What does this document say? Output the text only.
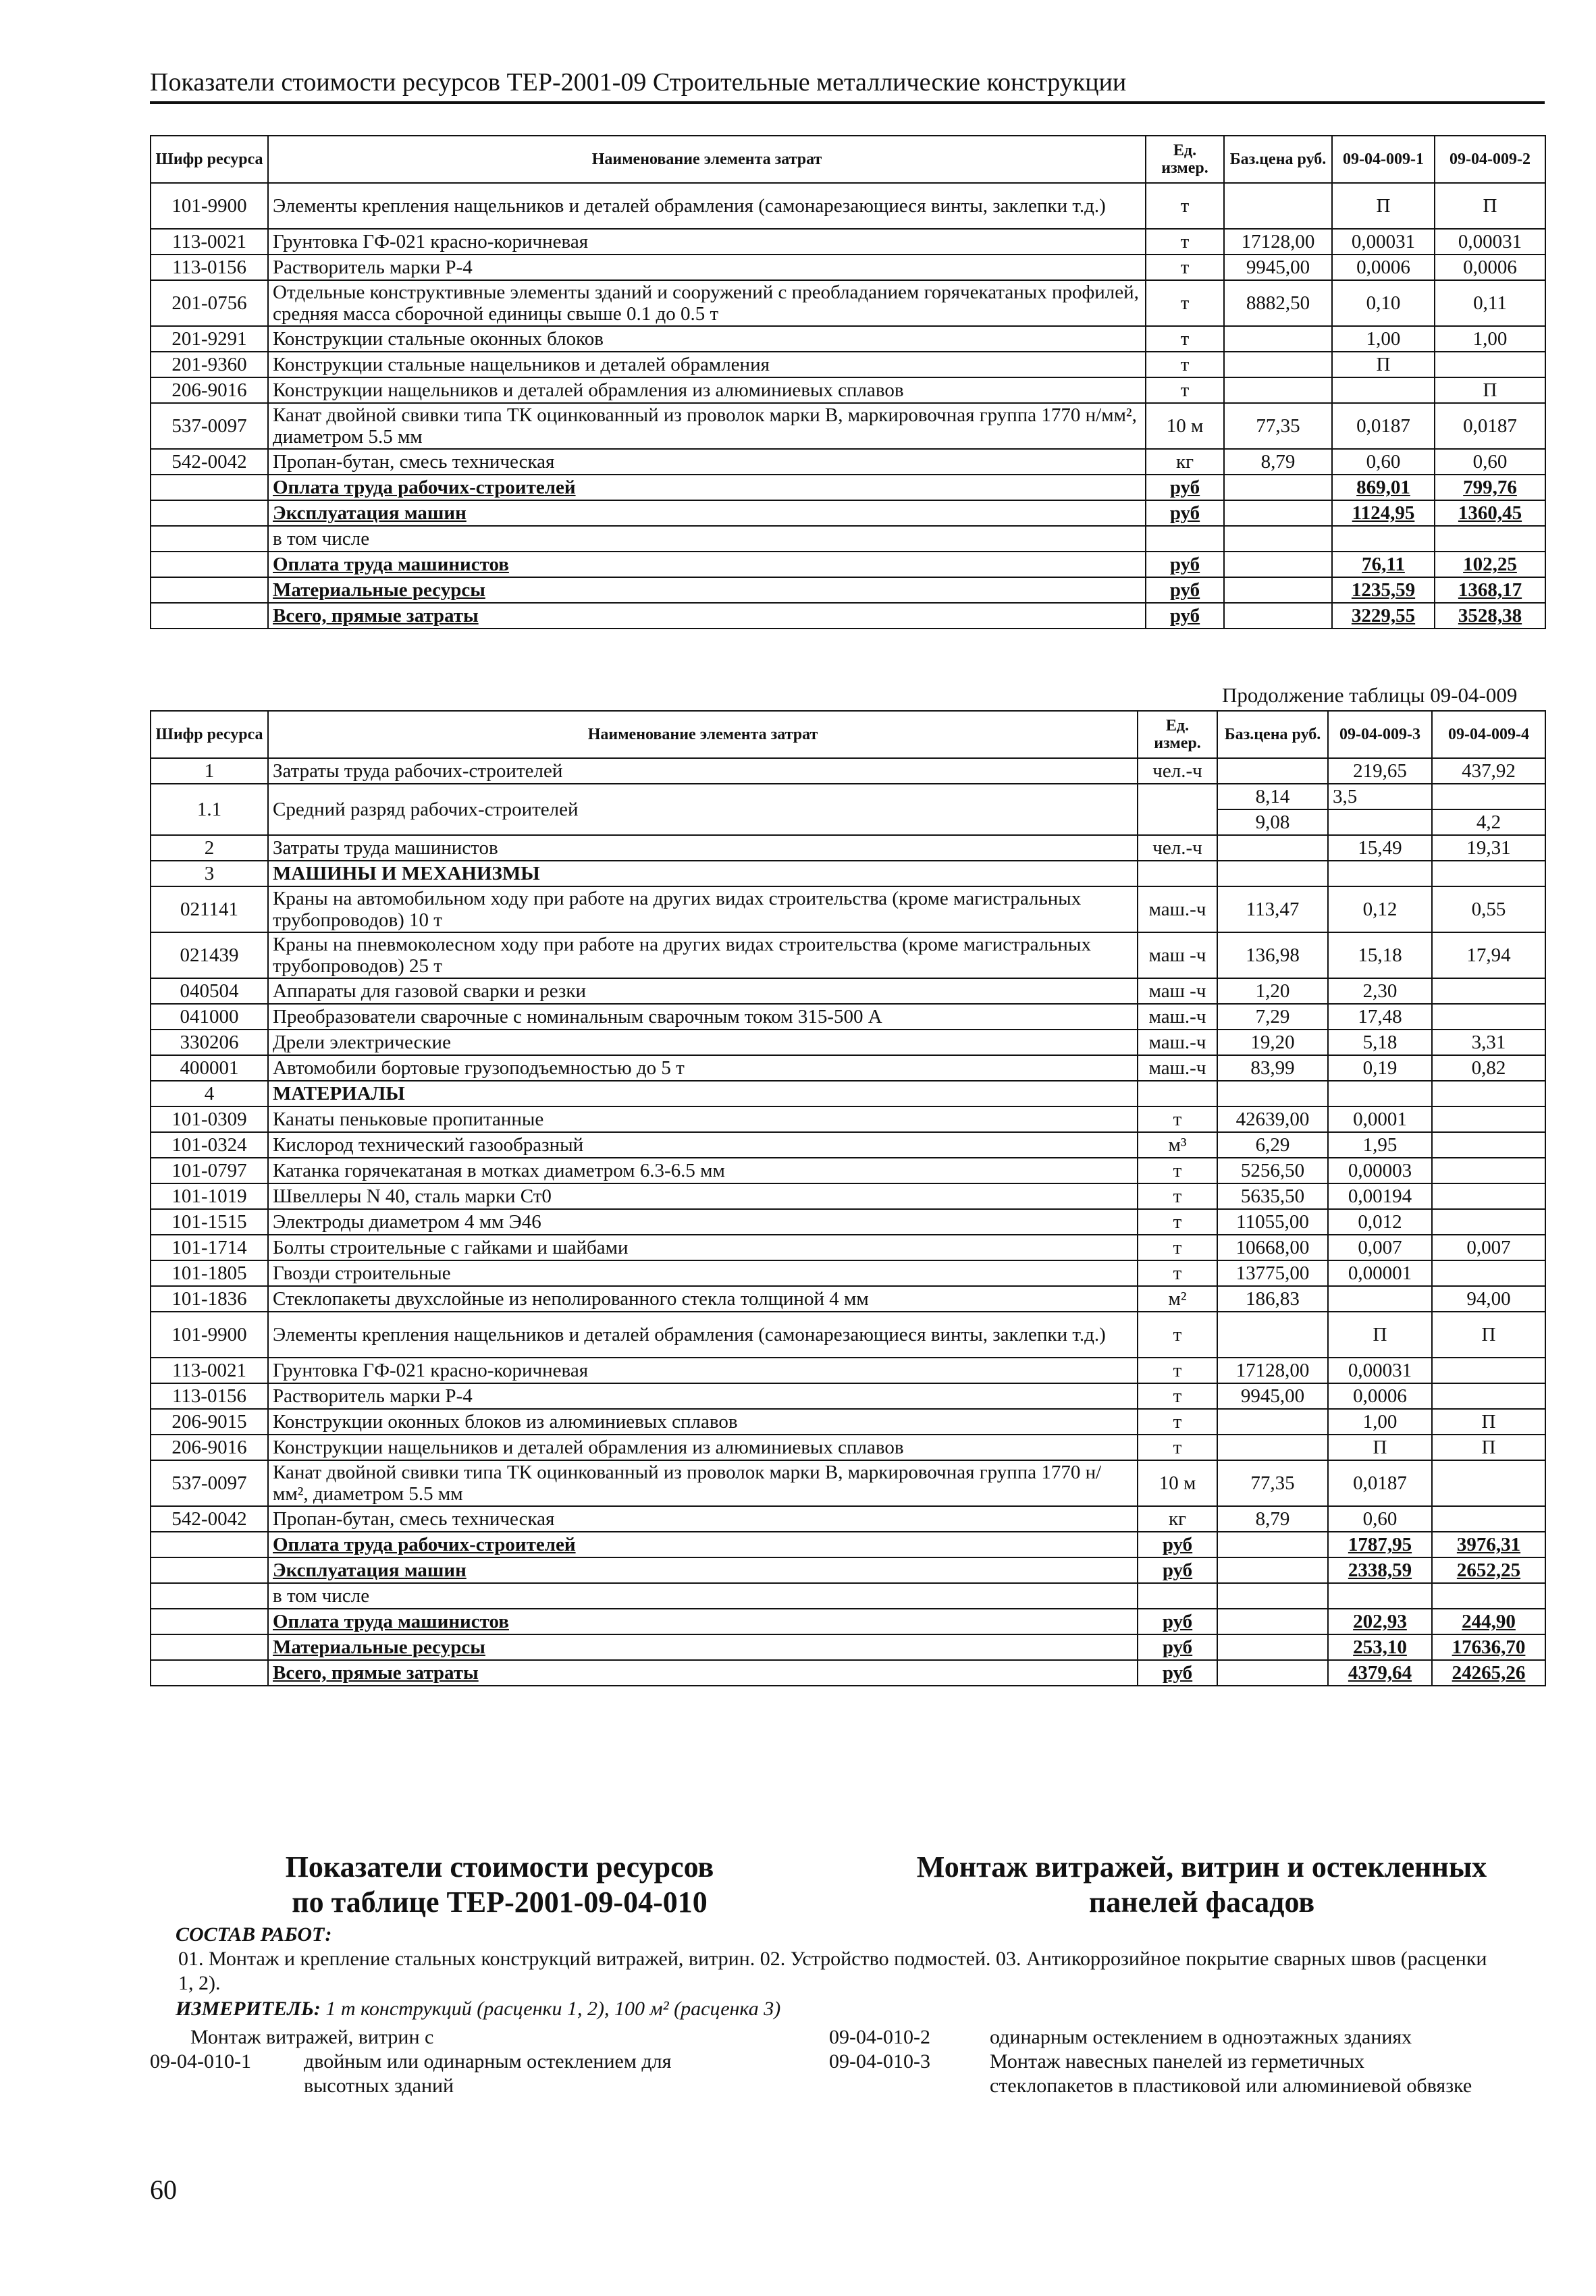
Показатели стоимости ресурсов ТЕР-2001-09 Строительные металлические конструкции
Шифр ресурса	Наименование элемента затрат	Ед. измер.	Баз.цена руб.	09-04-009-1	09-04-009-2
101-9900	Элементы крепления нащельников и деталей обрамления (самонарезающиеся винты, заклепки т.д.)	т		П	П
113-0021	Грунтовка ГФ-021 красно-коричневая	т	17128,00	0,00031	0,00031
113-0156	Растворитель марки Р-4	т	9945,00	0,0006	0,0006
201-0756	Отдельные конструктивные элементы зданий и сооружений с преобладанием горячекатаных профилей, средняя масса сборочной единицы свыше 0.1 до 0.5 т	т	8882,50	0,10	0,11
201-9291	Конструкции стальные оконных блоков	т		1,00	1,00
201-9360	Конструкции стальные нащельников и деталей обрамления	т		П	
206-9016	Конструкции нащельников и деталей обрамления из алюминиевых сплавов	т			П
537-0097	Канат двойной свивки типа ТК оцинкованный из проволок марки В, маркировочная группа 1770 н/мм², диаметром 5.5 мм	10 м	77,35	0,0187	0,0187
542-0042	Пропан-бутан, смесь техническая	кг	8,79	0,60	0,60
	Оплата труда рабочих-строителей	руб		869,01	799,76
	Эксплуатация машин	руб		1124,95	1360,45
	в том числе				
	Оплата труда машинистов	руб		76,11	102,25
	Материальные ресурсы	руб		1235,59	1368,17
	Всего, прямые затраты	руб		3229,55	3528,38
Продолжение таблицы 09-04-009
Шифр ресурса	Наименование элемента затрат	Ед. измер.	Баз.цена руб.	09-04-009-3	09-04-009-4
1	Затраты труда рабочих-строителей	чел.-ч		219,65	437,92
1.1	Средний разряд рабочих-строителей		8,14	3,5	
			9,08		4,2
2	Затраты труда машинистов	чел.-ч		15,49	19,31
3	МАШИНЫ И МЕХАНИЗМЫ				
021141	Краны на автомобильном ходу при работе на других видах строительства (кроме магистральных трубопроводов) 10 т	маш.-ч	113,47	0,12	0,55
021439	Краны на пневмоколесном ходу при работе на других видах строительства (кроме магистральных трубопроводов) 25 т	маш -ч	136,98	15,18	17,94
040504	Аппараты для газовой сварки и резки	маш -ч	1,20	2,30	
041000	Преобразователи сварочные с номинальным сварочным током 315-500 А	маш.-ч	7,29	17,48	
330206	Дрели электрические	маш.-ч	19,20	5,18	3,31
400001	Автомобили бортовые грузоподъемностью до 5 т	маш.-ч	83,99	0,19	0,82
4	МАТЕРИАЛЫ				
101-0309	Канаты пеньковые пропитанные	т	42639,00	0,0001	
101-0324	Кислород технический газообразный	м³	6,29	1,95	
101-0797	Катанка горячекатаная в мотках диаметром 6.3-6.5 мм	т	5256,50	0,00003	
101-1019	Швеллеры N 40, сталь марки Ст0	т	5635,50	0,00194	
101-1515	Электроды диаметром 4 мм Э46	т	11055,00	0,012	
101-1714	Болты строительные с гайками и шайбами	т	10668,00	0,007	0,007
101-1805	Гвозди строительные	т	13775,00	0,00001	
101-1836	Стеклопакеты двухслойные из неполированного стекла толщиной 4 мм	м²	186,83		94,00
101-9900	Элементы крепления нащельников и деталей обрамления (самонарезающиеся винты, заклепки т.д.)	т		П	П
113-0021	Грунтовка ГФ-021 красно-коричневая	т	17128,00	0,00031	
113-0156	Растворитель марки Р-4	т	9945,00	0,0006	
206-9015	Конструкции оконных блоков из алюминиевых сплавов	т		1,00	П
206-9016	Конструкции нащельников и деталей обрамления из алюминиевых сплавов	т		П	П
537-0097	Канат двойной свивки типа ТК оцинкованный из проволок марки В, маркировочная группа 1770 н/мм², диаметром 5.5 мм	10 м	77,35	0,0187	
542-0042	Пропан-бутан, смесь техническая	кг	8,79	0,60	
	Оплата труда рабочих-строителей	руб		1787,95	3976,31
	Эксплуатация машин	руб		2338,59	2652,25
	в том числе				
	Оплата труда машинистов	руб		202,93	244,90
	Материальные ресурсы	руб		253,10	17636,70
	Всего, прямые затраты	руб		4379,64	24265,26
Показатели стоимости ресурсов
по таблице ТЕР-2001-09-04-010
Монтаж витражей, витрин и остекленных
панелей фасадов
СОСТАВ РАБОТ:
01. Монтаж и крепление стальных конструкций витражей, витрин. 02. Устройство подмостей. 03. Антикоррозийное покрытие сварных швов (расценки 1, 2).
ИЗМЕРИТЕЛЬ: 1 т конструкций (расценки 1, 2), 100 м² (расценка 3)
Монтаж витражей, витрин с
09-04-010-1	двойным или одинарным остеклением для высотных зданий
09-04-010-2	одинарным остеклением в одноэтажных зданиях
09-04-010-3	Монтаж навесных панелей из герметичных стеклопакетов в пластиковой или алюминиевой обвязке
60
